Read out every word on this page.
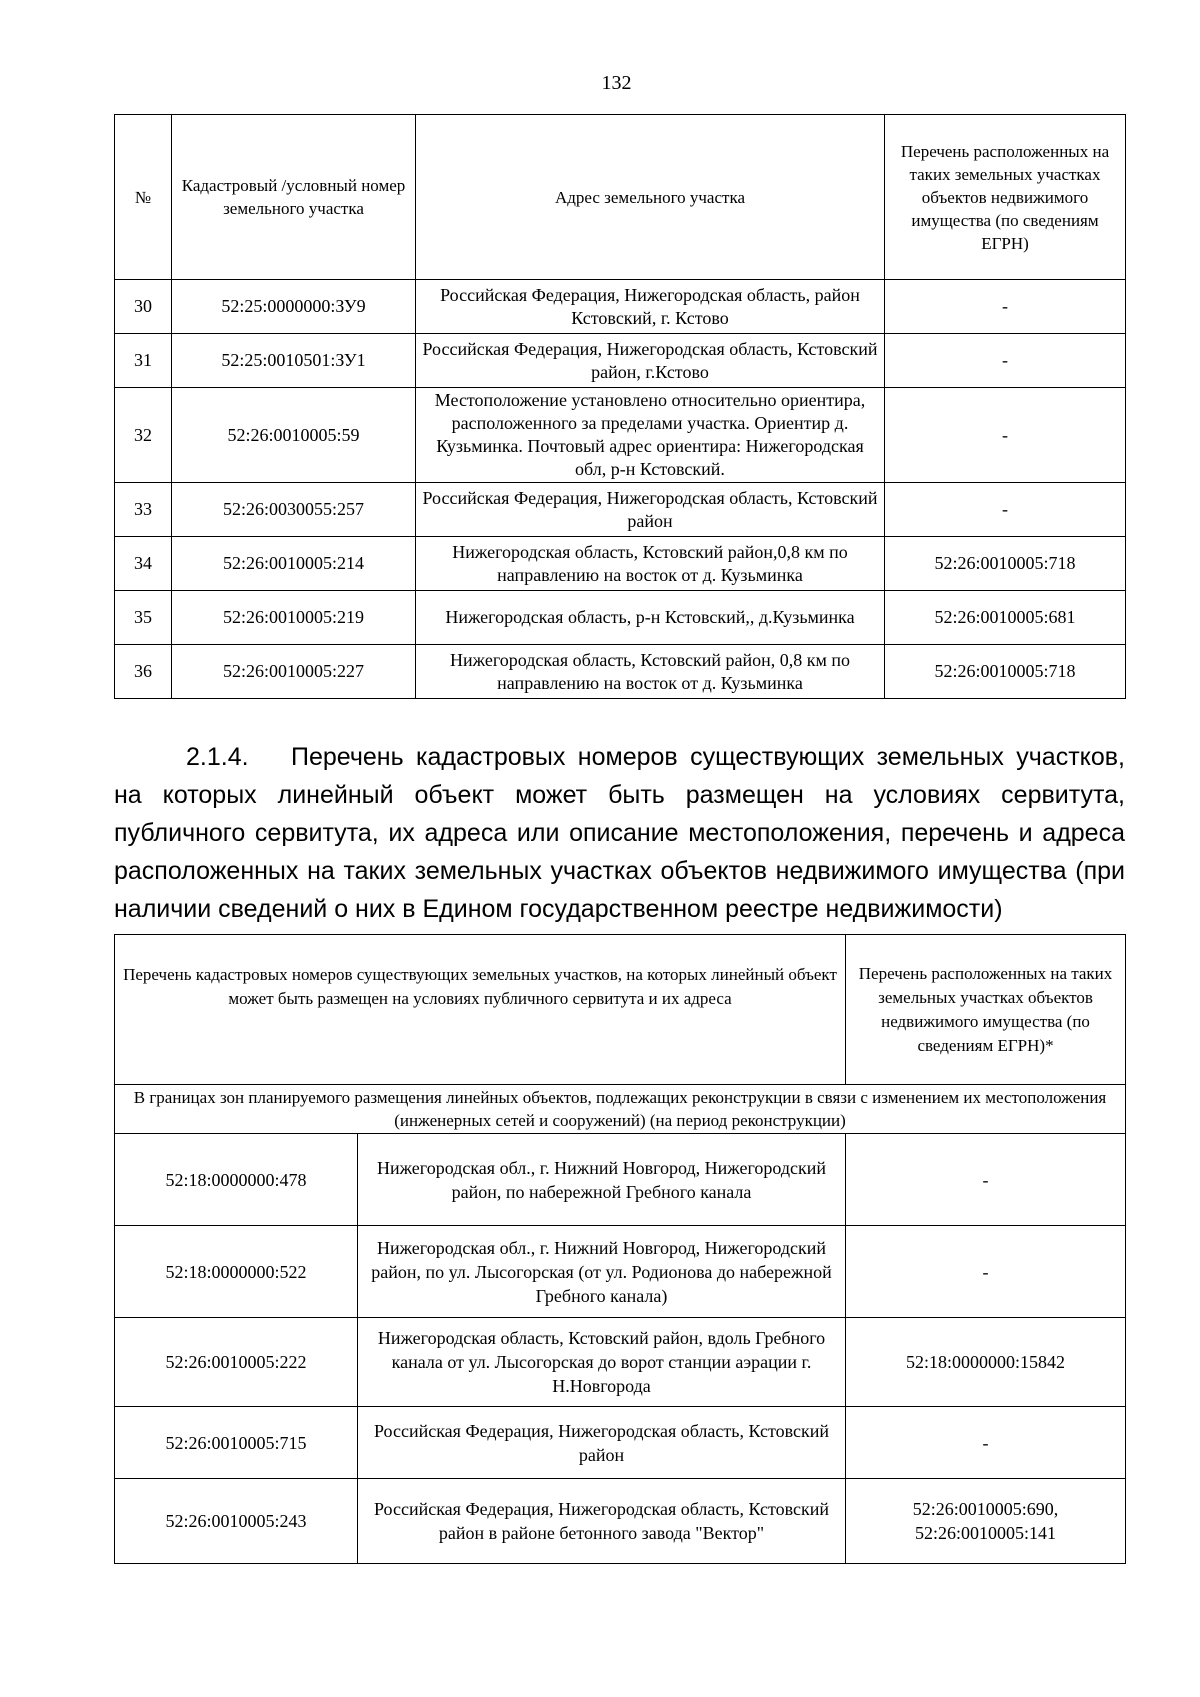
132
№	Кадастровый /условный номер земельного участка	Адрес земельного участка	Перечень расположенных на таких земельных участках объектов недвижимого имущества (по сведениям ЕГРН)
30	52:25:0000000:ЗУ9	Российская Федерация, Нижегородская область, район Кстовский, г. Кстово	-
31	52:25:0010501:ЗУ1	Российская Федерация, Нижегородская область, Кстовский район, г.Кстово	-
32	52:26:0010005:59	Местоположение установлено относительно ориентира, расположенного за пределами участка. Ориентир д. Кузьминка. Почтовый адрес ориентира: Нижегородская обл, р-н Кстовский.	-
33	52:26:0030055:257	Российская Федерация, Нижегородская область, Кстовский район	-
34	52:26:0010005:214	Нижегородская область, Кстовский район,0,8 км по направлению на восток от д. Кузьминка	52:26:0010005:718
35	52:26:0010005:219	Нижегородская область, р-н Кстовский,, д.Кузьминка	52:26:0010005:681
36	52:26:0010005:227	Нижегородская область, Кстовский район, 0,8 км по направлению на восток от д. Кузьминка	52:26:0010005:718
2.1.4. Перечень кадастровых номеров существующих земельных участков, на которых линейный объект может быть размещен на условиях сервитута, публичного сервитута, их адреса или описание местоположения, перечень и адреса расположенных на таких земельных участках объектов недвижимого имущества (при наличии сведений о них в Едином государственном реестре недвижимости)
Перечень кадастровых номеров существующих земельных участков, на которых линейный объект может быть размещен на условиях публичного сервитута и их адреса		Перечень расположенных на таких земельных участках объектов недвижимого имущества (по сведениям ЕГРН)*
В границах зон планируемого размещения линейных объектов, подлежащих реконструкции в связи с изменением их местоположения (инженерных сетей и сооружений) (на период реконструкции)		
52:18:0000000:478	Нижегородская обл., г. Нижний Новгород, Нижегородский район, по набережной Гребного канала	-
52:18:0000000:522	Нижегородская обл., г. Нижний Новгород, Нижегородский район, по ул. Лысогорская (от ул. Родионова до набережной Гребного канала)	-
52:26:0010005:222	Нижегородская область, Кстовский район, вдоль Гребного канала от ул. Лысогорская до ворот станции аэрации г. Н.Новгорода	52:18:0000000:15842
52:26:0010005:715	Российская Федерация, Нижегородская область, Кстовский район	-
52:26:0010005:243	Российская Федерация, Нижегородская область, Кстовский район в районе бетонного завода "Вектор"	52:26:0010005:690, 52:26:0010005:141
